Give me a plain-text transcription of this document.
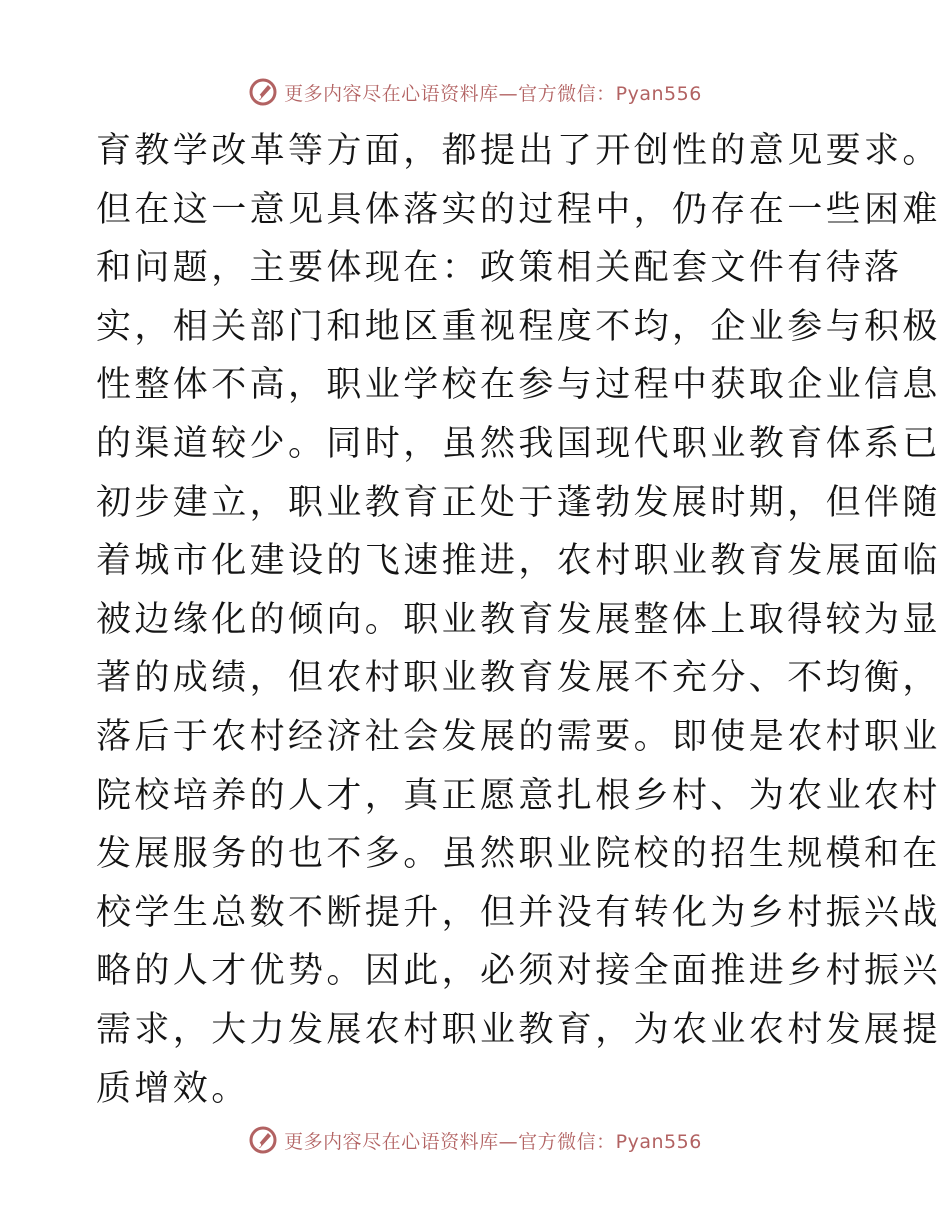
更多内容尽在心语资料库—官方微信：Pyan556
育教学改革等方面，都提出了开创性的意见要求。
但在这一意见具体落实的过程中，仍存在一些困难
和问题，主要体现在：政策相关配套文件有待落
实，相关部门和地区重视程度不均，企业参与积极
性整体不高，职业学校在参与过程中获取企业信息
的渠道较少。同时，虽然我国现代职业教育体系已
初步建立，职业教育正处于蓬勃发展时期，但伴随
着城市化建设的飞速推进，农村职业教育发展面临
被边缘化的倾向。职业教育发展整体上取得较为显
著的成绩，但农村职业教育发展不充分、不均衡，
落后于农村经济社会发展的需要。即使是农村职业
院校培养的人才，真正愿意扎根乡村、为农业农村
发展服务的也不多。虽然职业院校的招生规模和在
校学生总数不断提升，但并没有转化为乡村振兴战
略的人才优势。因此，必须对接全面推进乡村振兴
需求，大力发展农村职业教育，为农业农村发展提
质增效。
更多内容尽在心语资料库—官方微信：Pyan556
